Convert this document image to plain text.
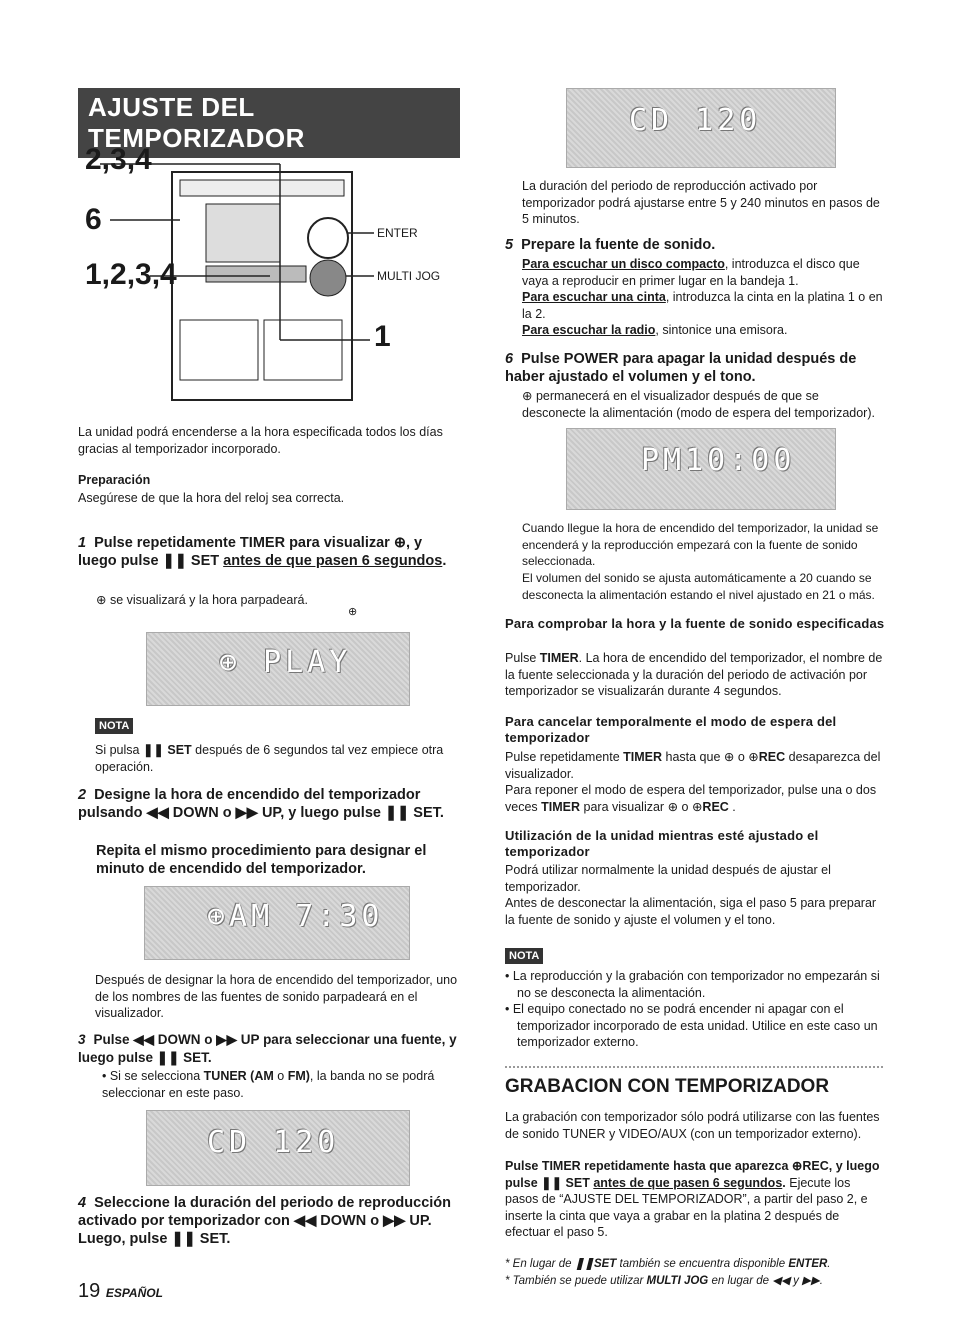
AJUSTE DEL TEMPORIZADOR
2,3,4
6
1,2,3,4
1
ENTER
MULTI JOG
La unidad podrá encenderse a la hora especificada todos los días gracias al temporizador incorporado.
Preparación
Asegúrese de que la hora del reloj sea correcta.
1 Pulse repetidamente TIMER para visualizar ⊕, y luego pulse ❚❚ SET antes de que pasen 6 segundos.
⊕ se visualizará y la hora parpadeará.
⊕
⊕ PLAY
NOTA
Si pulsa ❚❚ SET después de 6 segundos tal vez empiece otra operación.
2 Designe la hora de encendido del temporizador pulsando ◀◀ DOWN o ▶▶ UP, y luego pulse ❚❚ SET.
Repita el mismo procedimiento para designar el minuto de encendido del temporizador.
⊕AM 7:30
Después de designar la hora de encendido del temporizador, uno de los nombres de las fuentes de sonido parpadeará en el visualizador.
3 Pulse ◀◀ DOWN o ▶▶ UP para seleccionar una fuente, y luego pulse ❚❚ SET.
• Si se selecciona TUNER (AM o FM), la banda no se podrá seleccionar en este paso.
CD 120
4 Seleccione la duración del periodo de reproducción activado por temporizador con ◀◀ DOWN o ▶▶ UP. Luego, pulse ❚❚ SET.
19 ESPAÑOL
CD 120
La duración del periodo de reproducción activado por temporizador podrá ajustarse entre 5 y 240 minutos en pasos de 5 minutos.
5 Prepare la fuente de sonido.
Para escuchar un disco compacto, introduzca el disco que vaya a reproducir en primer lugar en la bandeja 1.
Para escuchar una cinta, introduzca la cinta en la platina 1 o en la 2.
Para escuchar la radio, sintonice una emisora.
6 Pulse POWER para apagar la unidad después de haber ajustado el volumen y el tono.
⊕ permanecerá en el visualizador después de que se desconecte la alimentación (modo de espera del temporizador).
PM10:00
Cuando llegue la hora de encendido del temporizador, la unidad se encenderá y la reproducción empezará con la fuente de sonido seleccionada.
El volumen del sonido se ajusta automáticamente a 20 cuando se desconecta la alimentación estando el nivel ajustado en 21 o más.
Para comprobar la hora y la fuente de sonido especificadas
Pulse TIMER. La hora de encendido del temporizador, el nombre de la fuente seleccionada y la duración del periodo de activación por temporizador se visualizarán durante 4 segundos.
Para cancelar temporalmente el modo de espera del temporizador
Pulse repetidamente TIMER hasta que ⊕ o ⊕REC desaparezca del visualizador.
Para reponer el modo de espera del temporizador, pulse una o dos veces TIMER para visualizar ⊕ o ⊕REC .
Utilización de la unidad mientras esté ajustado el temporizador
Podrá utilizar normalmente la unidad después de ajustar el temporizador.
Antes de desconectar la alimentación, siga el paso 5 para preparar la fuente de sonido y ajuste el volumen y el tono.
NOTA
• La reproducción y la grabación con temporizador no empezarán si no se desconecta la alimentación.
• El equipo conectado no se podrá encender ni apagar con el temporizador incorporado de esta unidad. Utilice en este caso un temporizador externo.
GRABACION CON TEMPORIZADOR
La grabación con temporizador sólo podrá utilizarse con las fuentes de sonido TUNER y VIDEO/AUX (con un temporizador externo).
Pulse TIMER repetidamente hasta que aparezca ⊕REC, y luego pulse ❚❚ SET antes de que pasen 6 segundos. Ejecute los pasos de “AJUSTE DEL TEMPORIZADOR”, a partir del paso 2, e inserte la cinta que vaya a grabar en la platina 2 después de efectuar el paso 5.
* En lugar de ❚❚SET también se encuentra disponible ENTER.
* También se puede utilizar MULTI JOG en lugar de ◀◀ y ▶▶.
